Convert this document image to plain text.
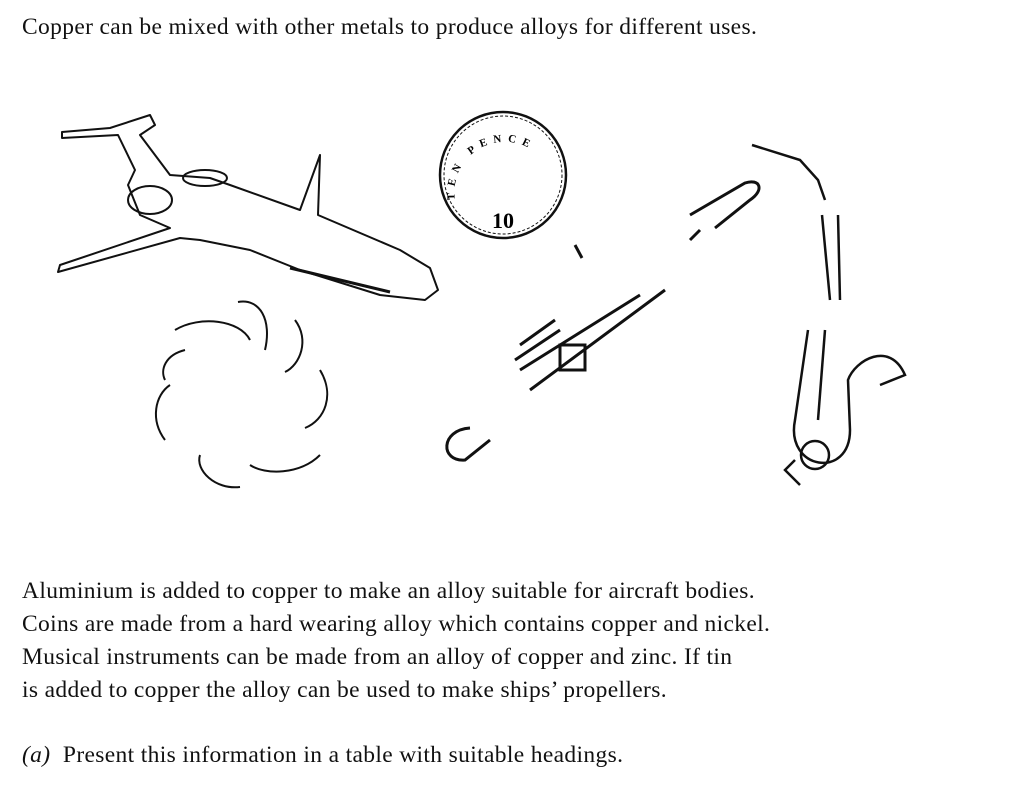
Copper can be mixed with other metals to produce alloys for different uses.
TEN PENCE
10
Aluminium is added to copper to make an alloy suitable for aircraft bodies.
Coins are made from a hard wearing alloy which contains copper and nickel.
Musical instruments can be made from an alloy of copper and zinc. If tin
is added to copper the alloy can be used to make ships’ propellers.
(a) Present this information in a table with suitable headings.
